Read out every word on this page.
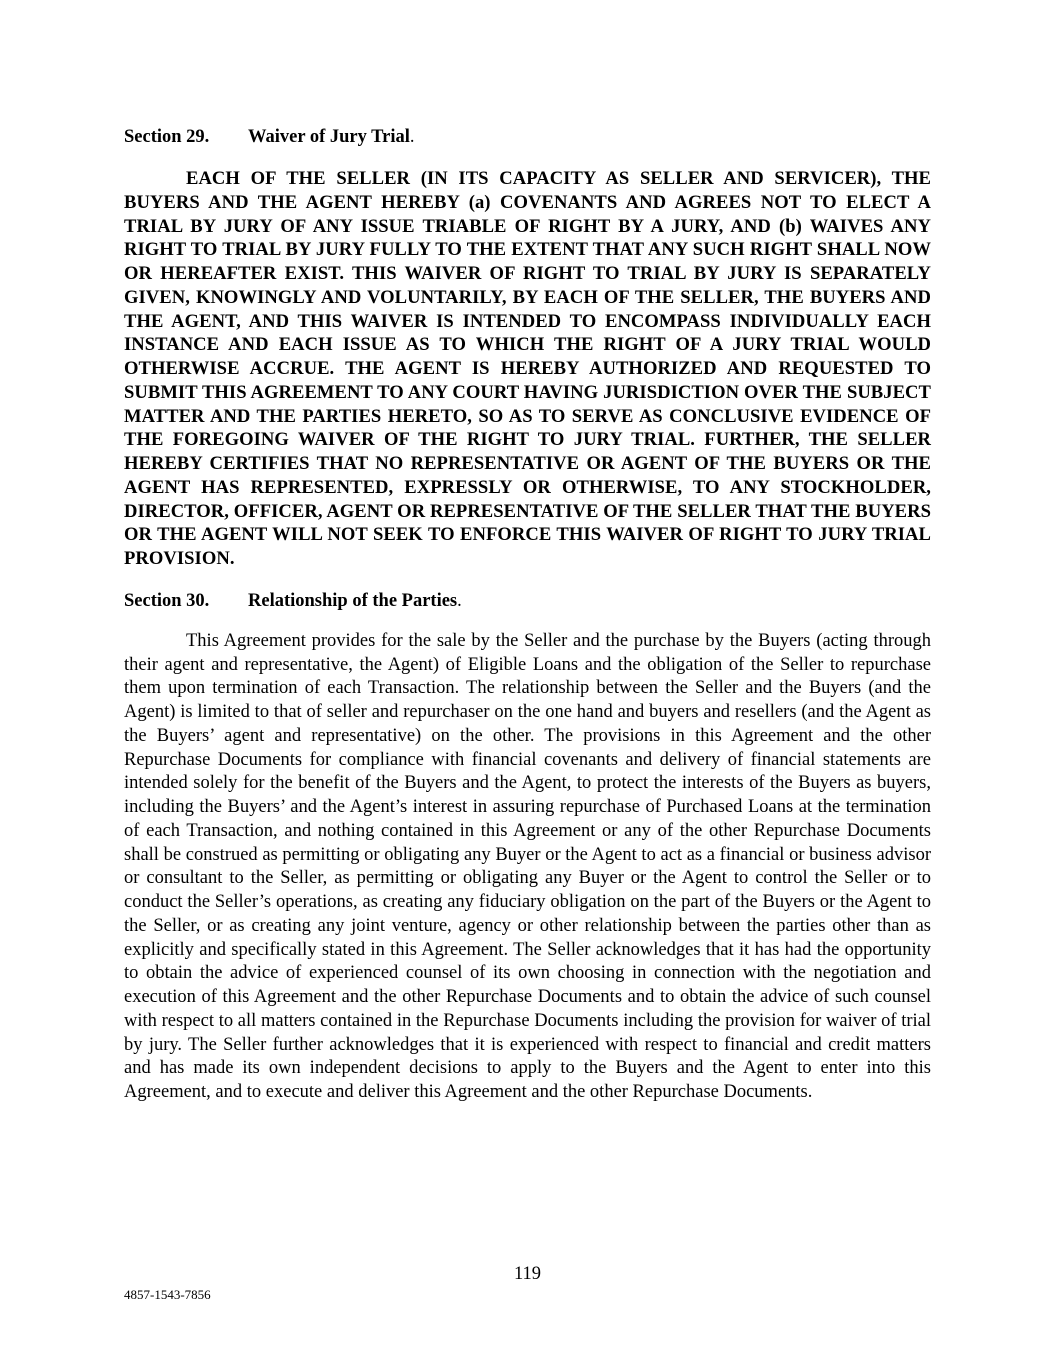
Section 29. Waiver of Jury Trial.

EACH OF THE SELLER (IN ITS CAPACITY AS SELLER AND SERVICER), THE BUYERS AND THE AGENT HEREBY (a) COVENANTS AND AGREES NOT TO ELECT A TRIAL BY JURY OF ANY ISSUE TRIABLE OF RIGHT BY A JURY, AND (b) WAIVES ANY RIGHT TO TRIAL BY JURY FULLY TO THE EXTENT THAT ANY SUCH RIGHT SHALL NOW OR HEREAFTER EXIST. THIS WAIVER OF RIGHT TO TRIAL BY JURY IS SEPARATELY GIVEN, KNOWINGLY AND VOLUNTARILY, BY EACH OF THE SELLER, THE BUYERS AND THE AGENT, AND THIS WAIVER IS INTENDED TO ENCOMPASS INDIVIDUALLY EACH INSTANCE AND EACH ISSUE AS TO WHICH THE RIGHT OF A JURY TRIAL WOULD OTHERWISE ACCRUE. THE AGENT IS HEREBY AUTHORIZED AND REQUESTED TO SUBMIT THIS AGREEMENT TO ANY COURT HAVING JURISDICTION OVER THE SUBJECT MATTER AND THE PARTIES HERETO, SO AS TO SERVE AS CONCLUSIVE EVIDENCE OF THE FOREGOING WAIVER OF THE RIGHT TO JURY TRIAL. FURTHER, THE SELLER HEREBY CERTIFIES THAT NO REPRESENTATIVE OR AGENT OF THE BUYERS OR THE AGENT HAS REPRESENTED, EXPRESSLY OR OTHERWISE, TO ANY STOCKHOLDER, DIRECTOR, OFFICER, AGENT OR REPRESENTATIVE OF THE SELLER THAT THE BUYERS OR THE AGENT WILL NOT SEEK TO ENFORCE THIS WAIVER OF RIGHT TO JURY TRIAL PROVISION.

Section 30. Relationship of the Parties.

This Agreement provides for the sale by the Seller and the purchase by the Buyers (acting through their agent and representative, the Agent) of Eligible Loans and the obligation of the Seller to repurchase them upon termination of each Transaction. The relationship between the Seller and the Buyers (and the Agent) is limited to that of seller and repurchaser on the one hand and buyers and resellers (and the Agent as the Buyers’ agent and representative) on the other. The provisions in this Agreement and the other Repurchase Documents for compliance with financial covenants and delivery of financial statements are intended solely for the benefit of the Buyers and the Agent, to protect the interests of the Buyers as buyers, including the Buyers’ and the Agent’s interest in assuring repurchase of Purchased Loans at the termination of each Transaction, and nothing contained in this Agreement or any of the other Repurchase Documents shall be construed as permitting or obligating any Buyer or the Agent to act as a financial or business advisor or consultant to the Seller, as permitting or obligating any Buyer or the Agent to control the Seller or to conduct the Seller’s operations, as creating any fiduciary obligation on the part of the Buyers or the Agent to the Seller, or as creating any joint venture, agency or other relationship between the parties other than as explicitly and specifically stated in this Agreement. The Seller acknowledges that it has had the opportunity to obtain the advice of experienced counsel of its own choosing in connection with the negotiation and execution of this Agreement and the other Repurchase Documents and to obtain the advice of such counsel with respect to all matters contained in the Repurchase Documents including the provision for waiver of trial by jury. The Seller further acknowledges that it is experienced with respect to financial and credit matters and has made its own independent decisions to apply to the Buyers and the Agent to enter into this Agreement, and to execute and deliver this Agreement and the other Repurchase Documents.

119
4857-1543-7856
